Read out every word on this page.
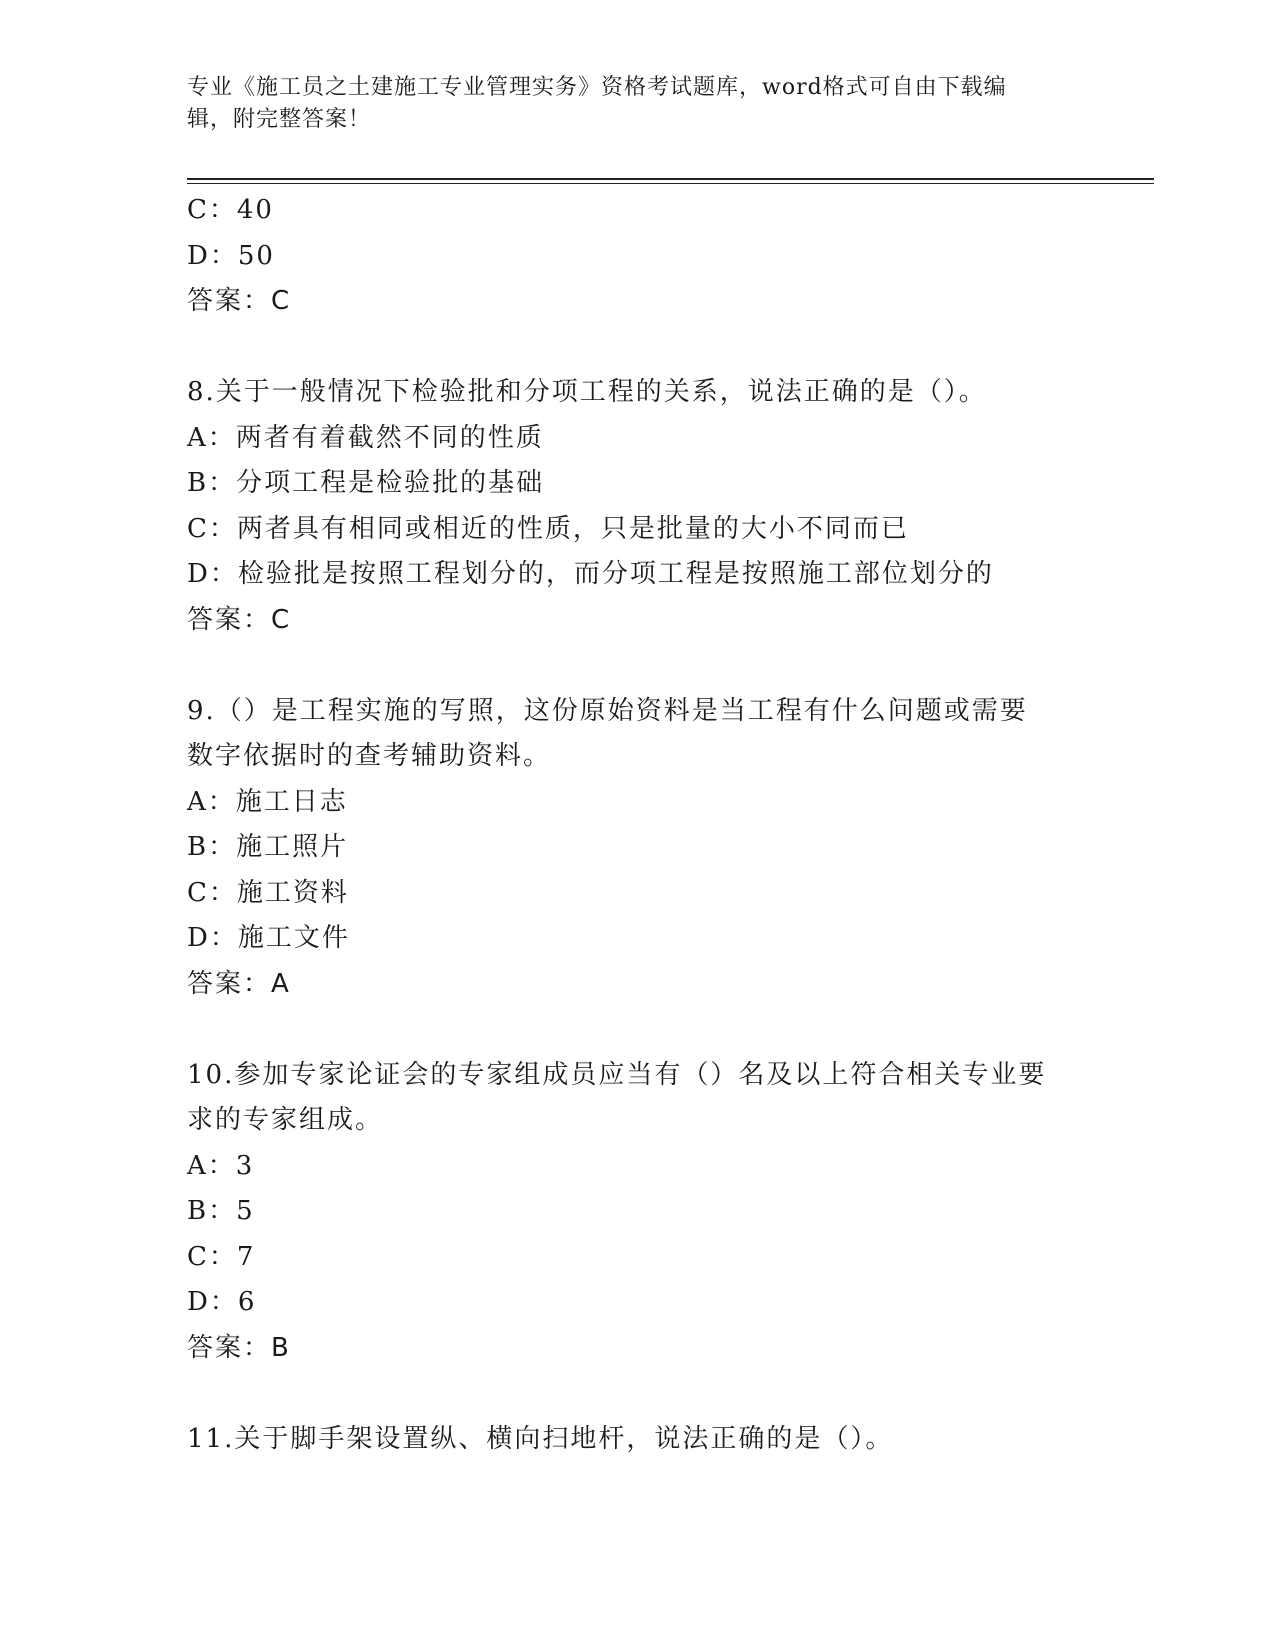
专业《施工员之土建施工专业管理实务》资格考试题库，word格式可自由下载编
辑，附完整答案！
C：40
D：50
答案：C
8.关于一般情况下检验批和分项工程的关系，说法正确的是（）。
A：两者有着截然不同的性质
B：分项工程是检验批的基础
C：两者具有相同或相近的性质，只是批量的大小不同而已
D：检验批是按照工程划分的，而分项工程是按照施工部位划分的
答案：C
9.（）是工程实施的写照，这份原始资料是当工程有什么问题或需要
数字依据时的查考辅助资料。
A：施工日志
B：施工照片
C：施工资料
D：施工文件
答案：A
10.参加专家论证会的专家组成员应当有（）名及以上符合相关专业要
求的专家组成。
A：3
B：5
C：7
D：6
答案：B
11.关于脚手架设置纵、横向扫地杆，说法正确的是（）。
